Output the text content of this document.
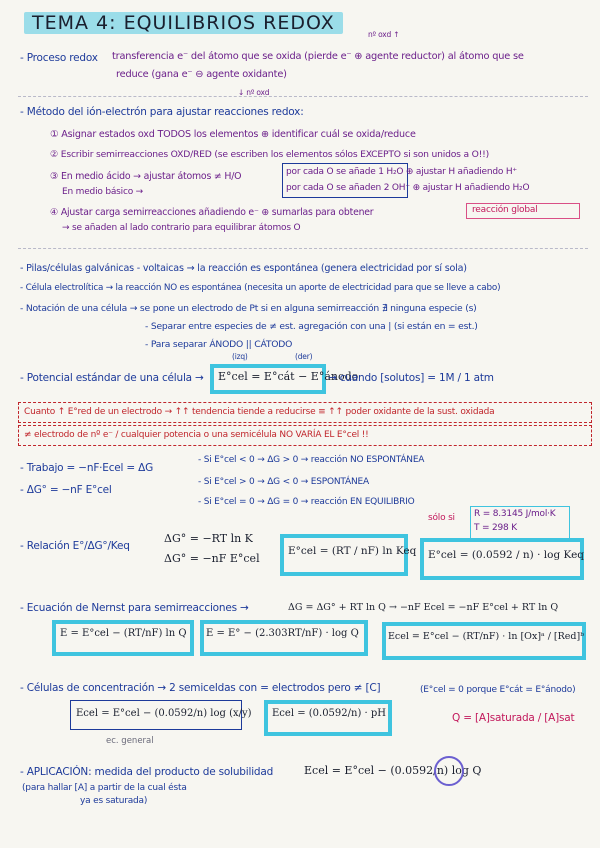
TEMA 4: EQUILIBRIOS REDOX
- Proceso redox transferencia e⁻ del átomo que se oxida (pierde e⁻ ⊕ agente reductor) al átomo que se
reduce (gana e⁻ ⊖ agente oxidante)
nº oxd ↑
↓ nº oxd
- Método del ión-electrón para ajustar reacciones redox:
① Asignar estados oxd TODOS los elementos ⊕ identificar cuál se oxida/reduce
② Escribir semirreacciones OXD/RED (se escriben los elementos sólos EXCEPTO si son unidos a O!!)
③ En medio ácido → ajustar átomos ≠ H/O	por cada O se añade 1 H₂O ⊕ ajustar H añadiendo H⁺
En medio básico →	por cada O se añaden 2 OH⁻ ⊕ ajustar H añadiendo H₂O
④ Ajustar carga semirreacciones añadiendo e⁻ ⊕ sumarlas para obtener	reacción global
→ se añaden al lado contrario para equilibrar átomos O
- Pilas/células galvánicas - voltaicas → la reacción es espontánea (genera electricidad por sí sola)
- Célula electrolítica → la reacción NO es espontánea (necesita un aporte de electricidad para que se lleve a cabo)
- Notación de una célula → se pone un electrodo de Pt si en alguna semirreacción ∄ ninguna especie (s)
- Separar entre especies de ≠ est. agregación con una | (si están en = est.)
- Para separar ÁNODO || CÁTODO
(izq)	(der)
- Potencial estándar de una célula → E°cel = E°cát − E°ánodo
→ cuando [solutos] = 1M / 1 atm
Cuanto ↑ E°red de un electrodo → ↑↑ tendencia tiende a reducirse ≡ ↑↑ poder oxidante de la sust. oxidada
≠ electrodo de nº e⁻ / cualquier potencia o una semicélula NO VARÍA EL E°cel !!
- Trabajo = −nF·Ecel = ΔG
- ΔG° = −nF E°cel
- Si E°cel < 0 → ΔG > 0 → reacción NO ESPONTÁNEA
- Si E°cel > 0 → ΔG < 0 → ESPONTÁNEA
- Si E°cel = 0 → ΔG = 0 → reacción EN EQUILIBRIO
sólo si R = 8.3145 J/mol·K
T = 298 K
- Relación E°/ΔG°/Keq
ΔG° = −RT ln K
ΔG° = −nF E°cel
E°cel = (RT / nF) ln Keq E°cel = (0.0592 / n) · log Keq
- Ecuación de Nernst para semirreacciones →	ΔG = ΔG° + RT ln Q → −nF Ecel = −nF E°cel + RT ln Q
E = E°cel − (RT/nF) ln Q E = E° − (2.303RT/nF) · log Q	Ecel = E°cel − (RT/nF) · ln [Ox]ᵃ / [Red]ᵇ
- Células de concentración → 2 semiceldas con = electrodos pero ≠ [C]	(E°cel = 0 porque E°cát = E°ánodo)
Ecel = E°cel − (0.0592/n) log (x/y)
ec. general
Ecel = (0.0592/n) · pH	Q = [A]saturada / [A]sat
- APLICACIÓN: medida del producto de solubilidad
(para hallar [A] a partir de la cual ésta
ya es saturada)
Ecel = E°cel − (0.0592/n) log Q
